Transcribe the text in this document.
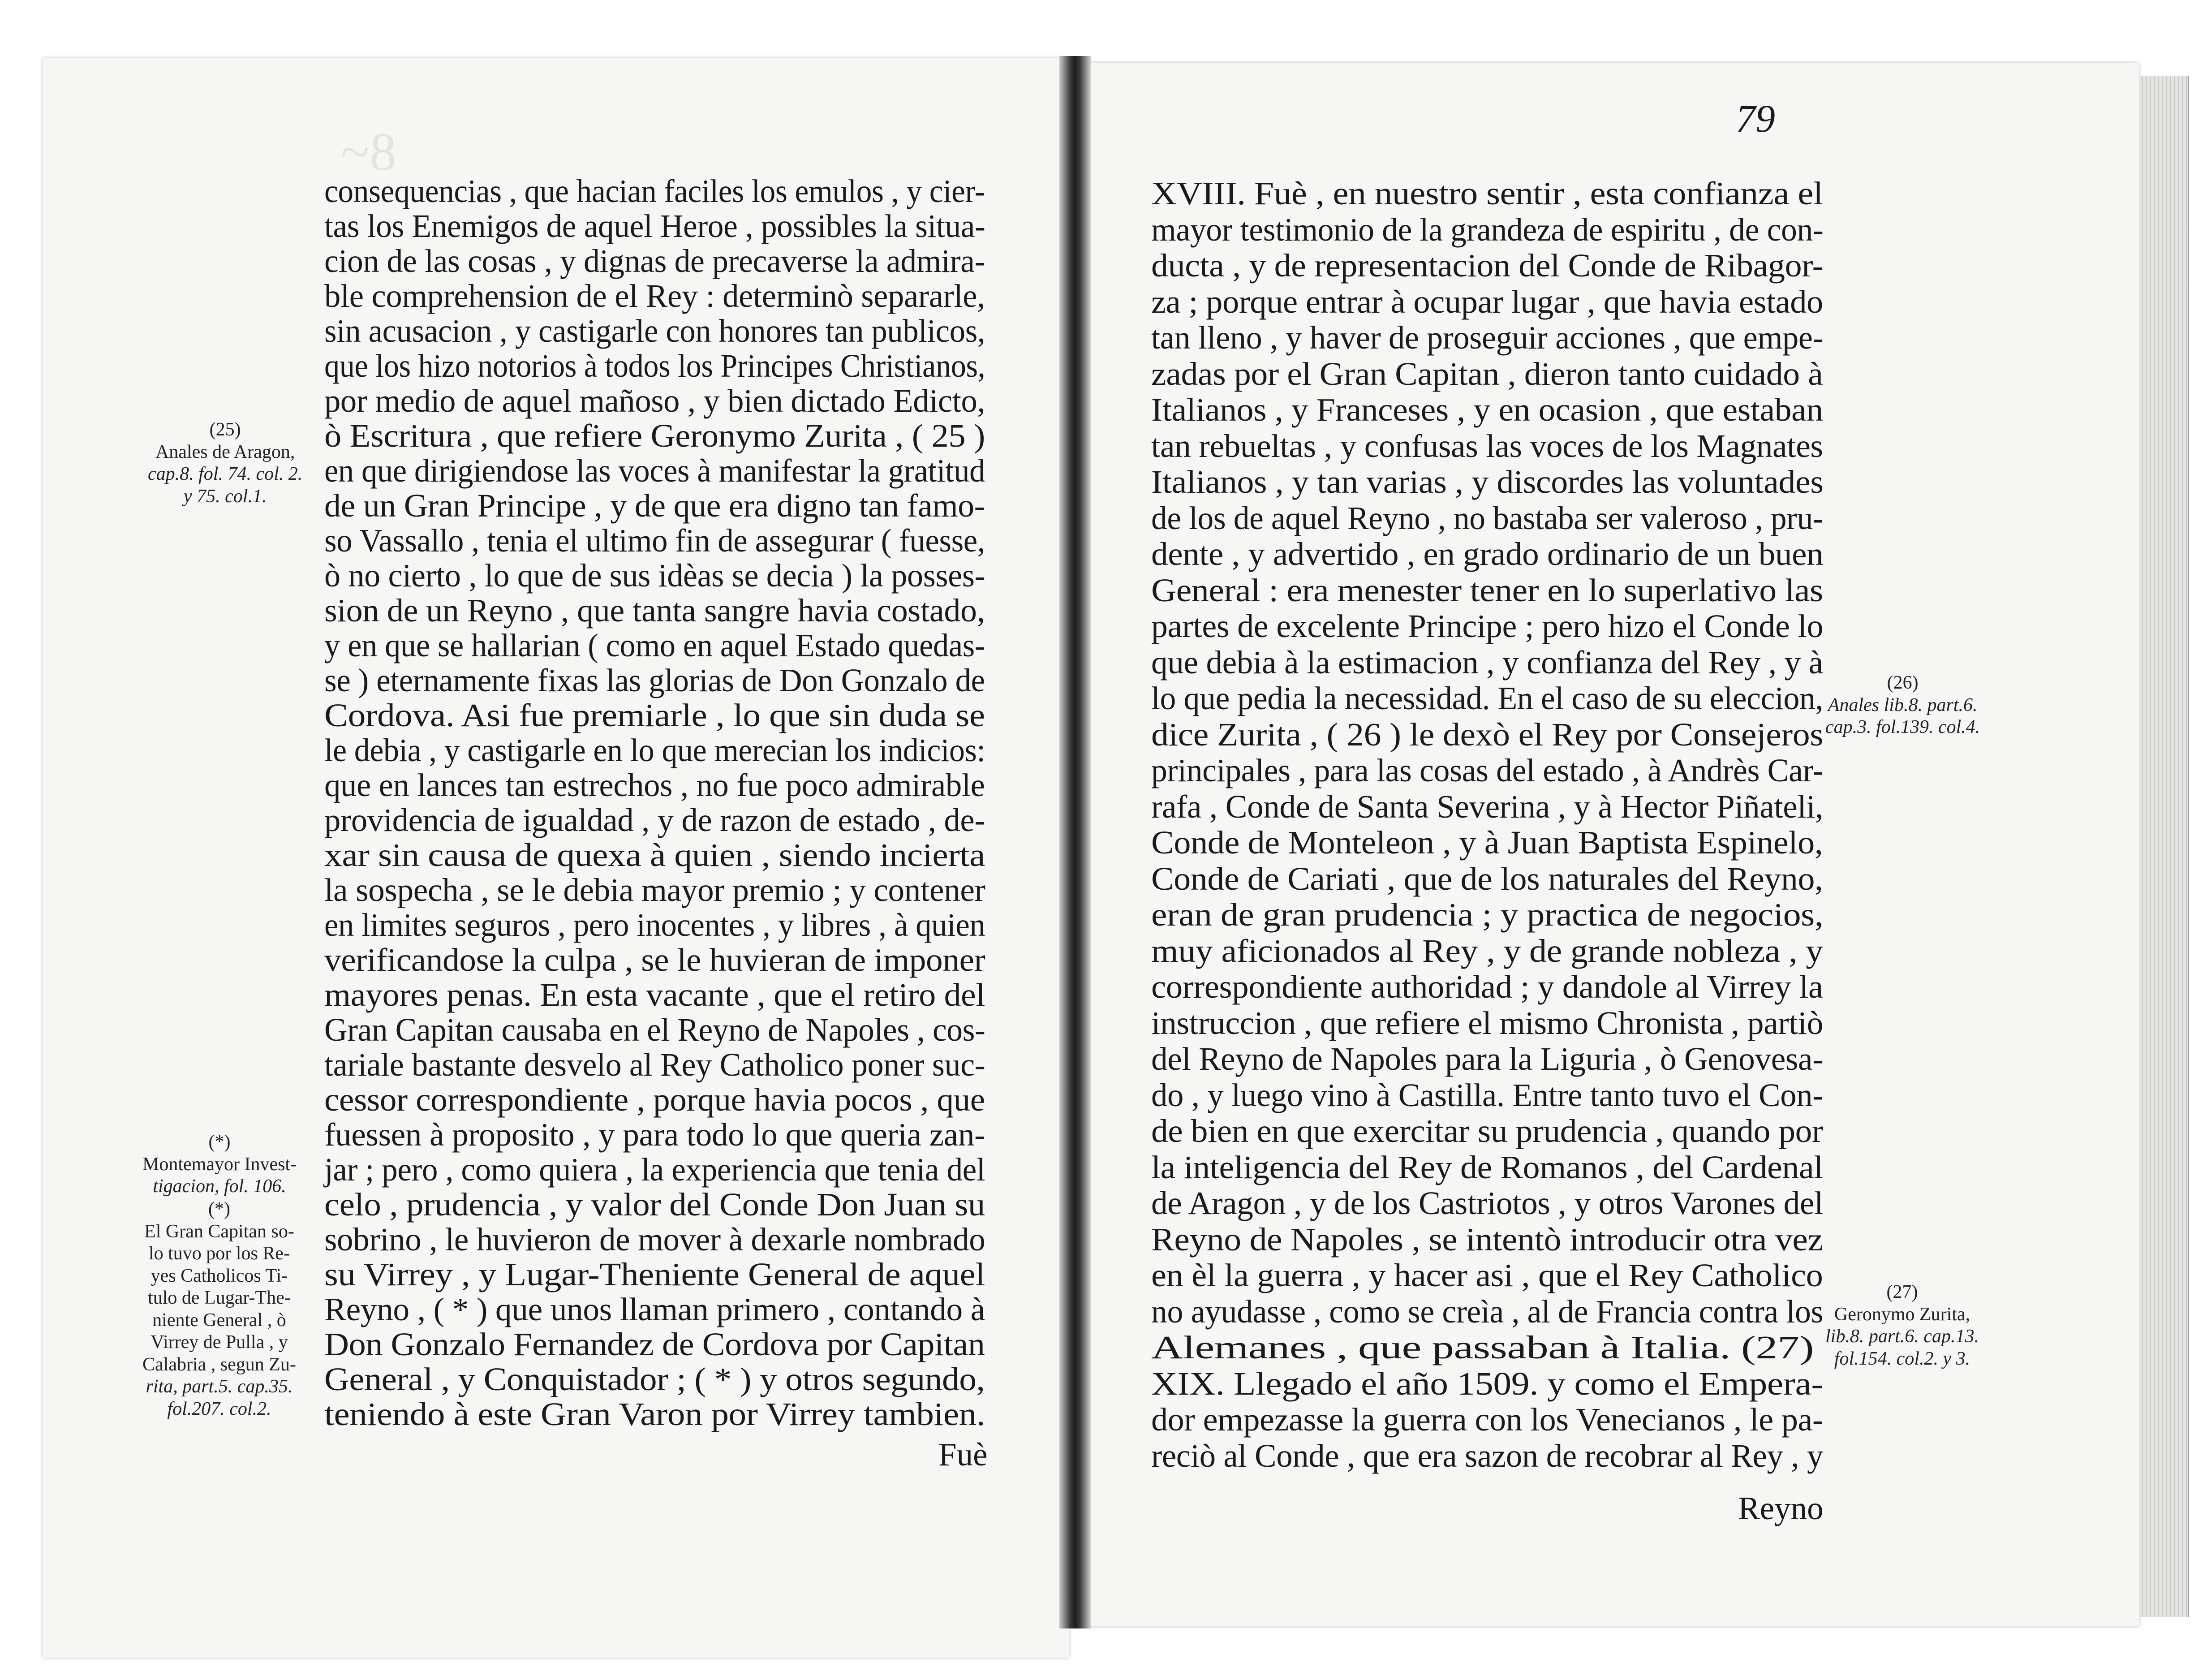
~8
79
consequencias , que hacian faciles los emulos , y cier-
tas los Enemigos de aquel Heroe , possibles la situa-
cion de las cosas , y dignas de precaverse la admira-
ble comprehension de el Rey : determinò separarle,
sin acusacion , y castigarle con honores tan publicos,
que los hizo notorios à todos los Principes Christianos,
por medio de aquel mañoso , y bien dictado Edicto,
ò Escritura , que refiere Geronymo Zurita , ( 25 )
en que dirigiendose las voces à manifestar la gratitud
de un Gran Principe , y de que era digno tan famo-
so Vassallo , tenia el ultimo fin de assegurar ( fuesse,
ò no cierto , lo que de sus idèas se decia ) la posses-
sion de un Reyno , que tanta sangre havia costado,
y en que se hallarian ( como en aquel Estado quedas-
se ) eternamente fixas las glorias de Don Gonzalo de
Cordova. Asi fue premiarle , lo que sin duda se
le debia , y castigarle en lo que merecian los indicios:
que en lances tan estrechos , no fue poco admirable
providencia de igualdad , y de razon de estado , de-
xar sin causa de quexa à quien , siendo incierta
la sospecha , se le debia mayor premio ; y contener
en limites seguros , pero inocentes , y libres , à quien
verificandose la culpa , se le huvieran de imponer
mayores penas. En esta vacante , que el retiro del
Gran Capitan causaba en el Reyno de Napoles , cos-
tariale bastante desvelo al Rey Catholico poner suc-
cessor correspondiente , porque havia pocos , que
fuessen à proposito , y para todo lo que queria zan-
jar ; pero , como quiera , la experiencia que tenia del
celo , prudencia , y valor del Conde Don Juan su
sobrino , le huvieron de mover à dexarle nombrado
su Virrey , y Lugar-Theniente General de aquel
Reyno , ( * ) que unos llaman primero , contando à
Don Gonzalo Fernandez de Cordova por Capitan
General , y Conquistador ; ( * ) y otros segundo,
teniendo à este Gran Varon por Virrey tambien.
Fuè
XVIII. Fuè , en nuestro sentir , esta confianza el
mayor testimonio de la grandeza de espiritu , de con-
ducta , y de representacion del Conde de Ribagor-
za ; porque entrar à ocupar lugar , que havia estado
tan lleno , y haver de proseguir acciones , que empe-
zadas por el Gran Capitan , dieron tanto cuidado à
Italianos , y Franceses , y en ocasion , que estaban
tan rebueltas , y confusas las voces de los Magnates
Italianos , y tan varias , y discordes las voluntades
de los de aquel Reyno , no bastaba ser valeroso , pru-
dente , y advertido , en grado ordinario de un buen
General : era menester tener en lo superlativo las
partes de excelente Principe ; pero hizo el Conde lo
que debia à la estimacion , y confianza del Rey , y à
lo que pedia la necessidad. En el caso de su eleccion,
dice Zurita , ( 26 ) le dexò el Rey por Consejeros
principales , para las cosas del estado , à Andrès Car-
rafa , Conde de Santa Severina , y à Hector Piñateli,
Conde de Monteleon , y à Juan Baptista Espinelo,
Conde de Cariati , que de los naturales del Reyno,
eran de gran prudencia ; y practica de negocios,
muy aficionados al Rey , y de grande nobleza , y
correspondiente authoridad ; y dandole al Virrey la
instruccion , que refiere el mismo Chronista , partiò
del Reyno de Napoles para la Liguria , ò Genovesa-
do , y luego vino à Castilla. Entre tanto tuvo el Con-
de bien en que exercitar su prudencia , quando por
la inteligencia del Rey de Romanos , del Cardenal
de Aragon , y de los Castriotos , y otros Varones del
Reyno de Napoles , se intentò introducir otra vez
en èl la guerra , y hacer asi , que el Rey Catholico
no ayudasse , como se creìa , al de Francia contra los
Alemanes , que passaban à Italia. (27)
XIX. Llegado el año 1509. y como el Empera-
dor empezasse la guerra con los Venecianos , le pa-
reciò al Conde , que era sazon de recobrar al Rey , y
Reyno
(25)
Anales de Aragon,
cap.8. fol. 74. col. 2.
y 75. col.1.
(*)
Montemayor Invest-
tigacion, fol. 106.
(*)
El Gran Capitan so-
lo tuvo por los Re-
yes Catholicos Ti-
tulo de Lugar-The-
niente General , ò
Virrey de Pulla , y
Calabria , segun Zu-
rita, part.5. cap.35.
fol.207. col.2.
(26)
Anales lib.8. part.6.
cap.3. fol.139. col.4.
(27)
Geronymo Zurita,
lib.8. part.6. cap.13.
fol.154. col.2. y 3.
